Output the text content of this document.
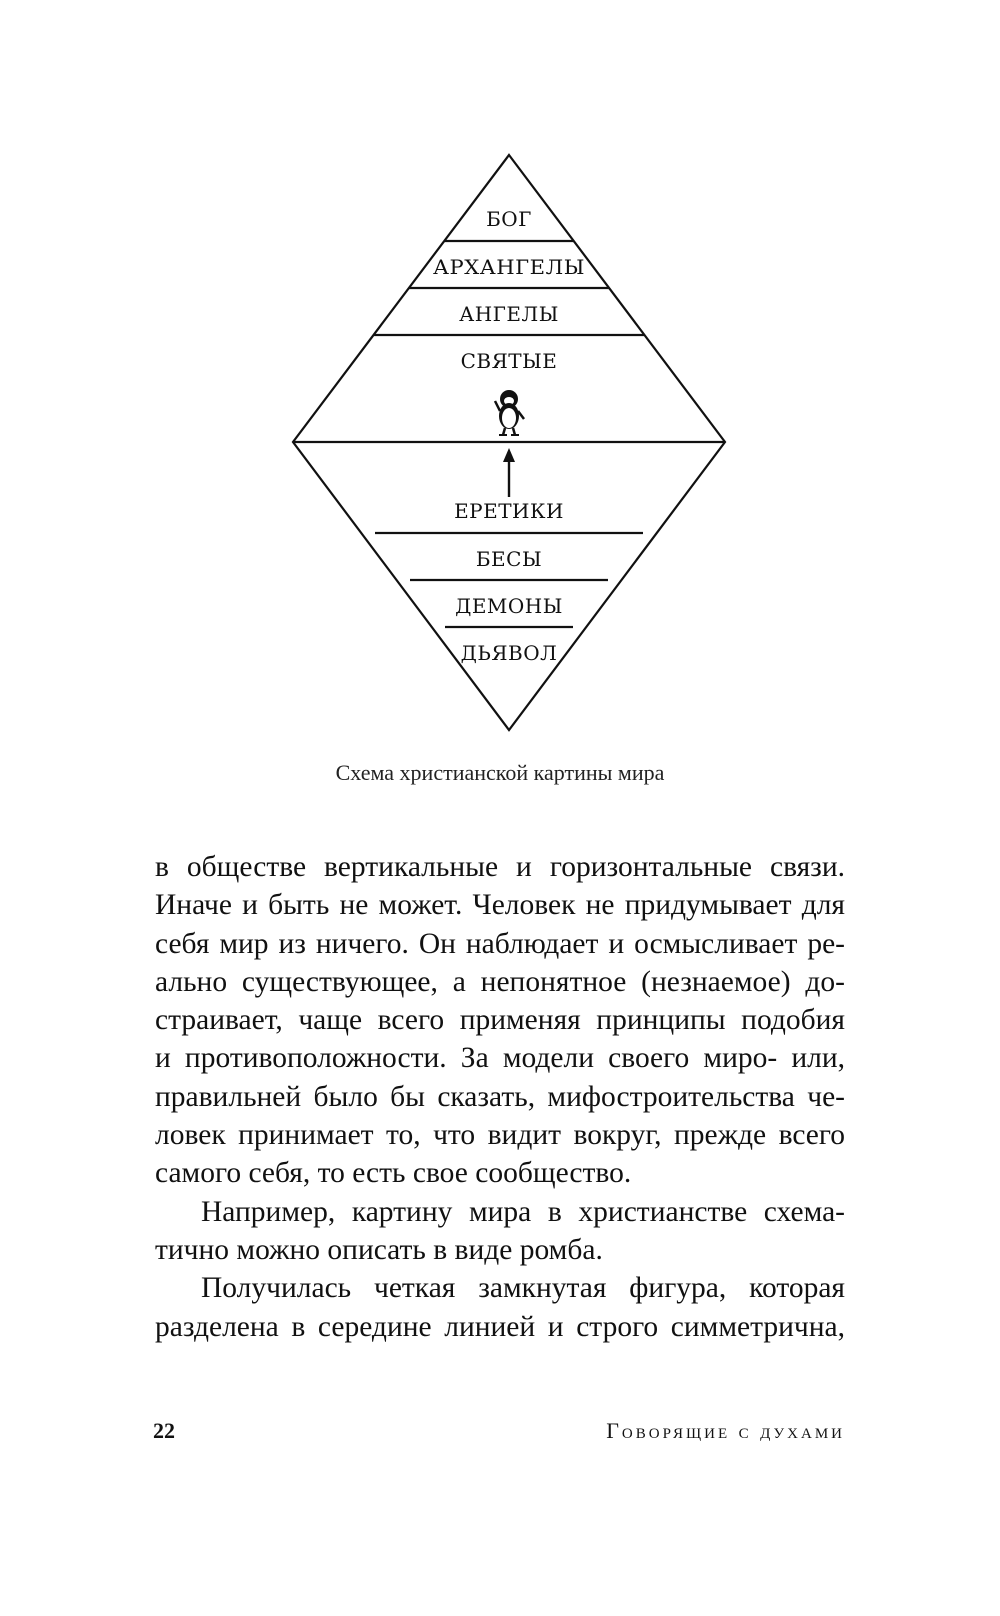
БОГ
АРХАНГЕЛЫ
АНГЕЛЫ
СВЯТЫЕ
ЕРЕТИКИ
БЕСЫ
ДЕМОНЫ
ДЬЯВОЛ
Схема христианской картины мира
в обществе вертикальные и горизонтальные связи.
Иначе и быть не может. Человек не придумывает для
себя мир из ничего. Он наблюдает и осмысливает ре-
ально существующее, а непонятное (незнаемое) до-
страивает, чаще всего применяя принципы подобия
и противоположности. За модели своего миро- или,
правильней было бы сказать, мифостроительства че-
ловек принимает то, что видит вокруг, прежде всего
самого себя, то есть свое сообщество.
Например, картину мира в христианстве схема-
тично можно описать в виде ромба.
Получилась четкая замкнутая фигура, которая
разделена в середине линией и строго симметрична,
22	Говорящие с духами
